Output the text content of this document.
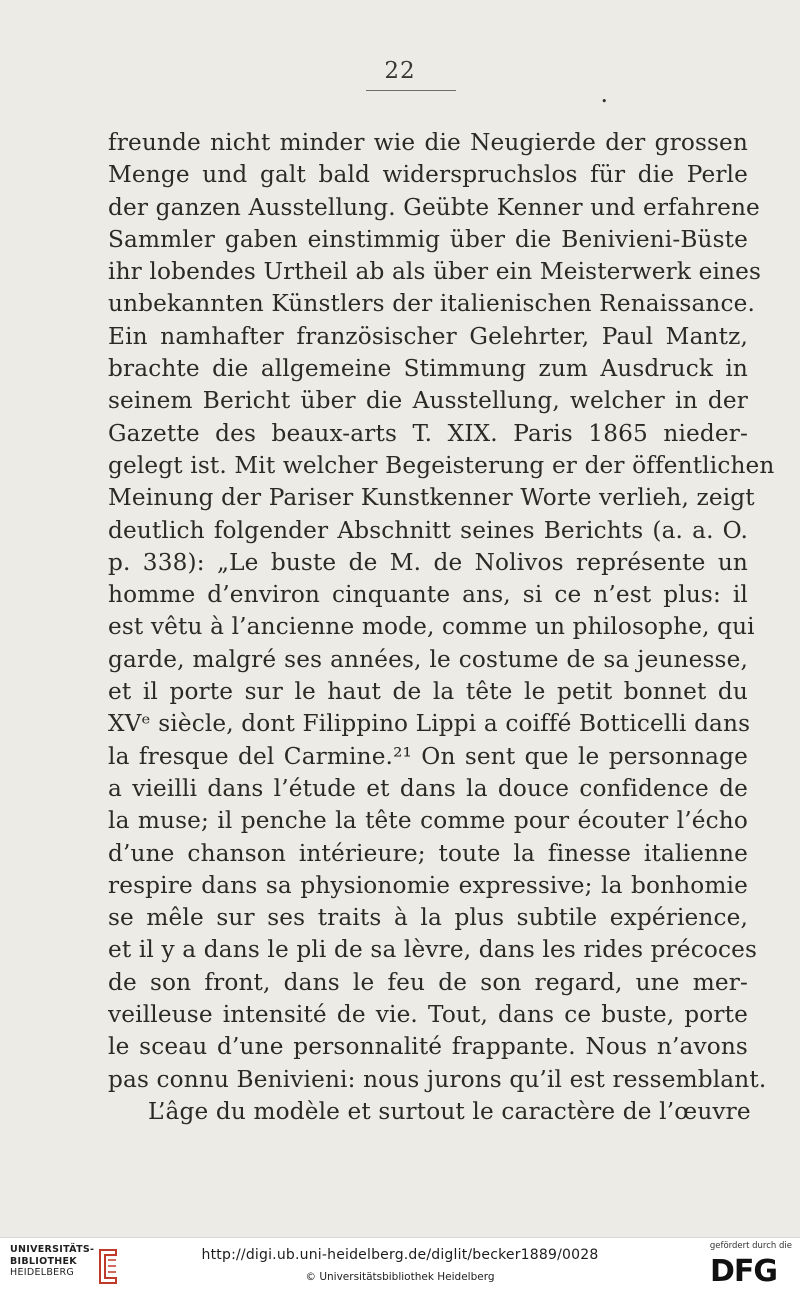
22
•
freunde nicht minder wie die Neugierde der grossen
Menge und galt bald widerspruchslos für die Perle
der ganzen Ausstellung. Geübte Kenner und erfahrene
Sammler gaben einstimmig über die Benivieni-Büste
ihr lobendes Urtheil ab als über ein Meisterwerk eines
unbekannten Künstlers der italienischen Renaissance.
Ein namhafter französischer Gelehrter, Paul Mantz,
brachte die allgemeine Stimmung zum Ausdruck in
seinem Bericht über die Ausstellung, welcher in der
Gazette des beaux-arts T. XIX. Paris 1865 nieder-
gelegt ist. Mit welcher Begeisterung er der öffentlichen
Meinung der Pariser Kunstkenner Worte verlieh, zeigt
deutlich folgender Abschnitt seines Berichts (a. a. O.
p. 338): „Le buste de M. de Nolivos représente un
homme d’environ cinquante ans, si ce n’est plus: il
est vêtu à l’ancienne mode, comme un philosophe, qui
garde, malgré ses années, le costume de sa jeunesse,
et il porte sur le haut de la tête le petit bonnet du
XVᵉ siècle, dont Filippino Lippi a coiffé Botticelli dans
la fresque del Carmine.²¹ On sent que le personnage
a vieilli dans l’étude et dans la douce confidence de
la muse; il penche la tête comme pour écouter l’écho
d’une chanson intérieure; toute la finesse italienne
respire dans sa physionomie expressive; la bonhomie
se mêle sur ses traits à la plus subtile expérience,
et il y a dans le pli de sa lèvre, dans les rides précoces
de son front, dans le feu de son regard, une mer-
veilleuse intensité de vie. Tout, dans ce buste, porte
le sceau d’une personnalité frappante. Nous n’avons
pas connu Benivieni: nous jurons qu’il est ressemblant.
L’âge du modèle et surtout le caractère de l’œuvre
UNIVERSITÄTS-
BIBLIOTHEK
HEIDELBERG
http://digi.ub.uni-heidelberg.de/diglit/becker1889/0028
© Universitätsbibliothek Heidelberg
gefördert durch die
DFG
